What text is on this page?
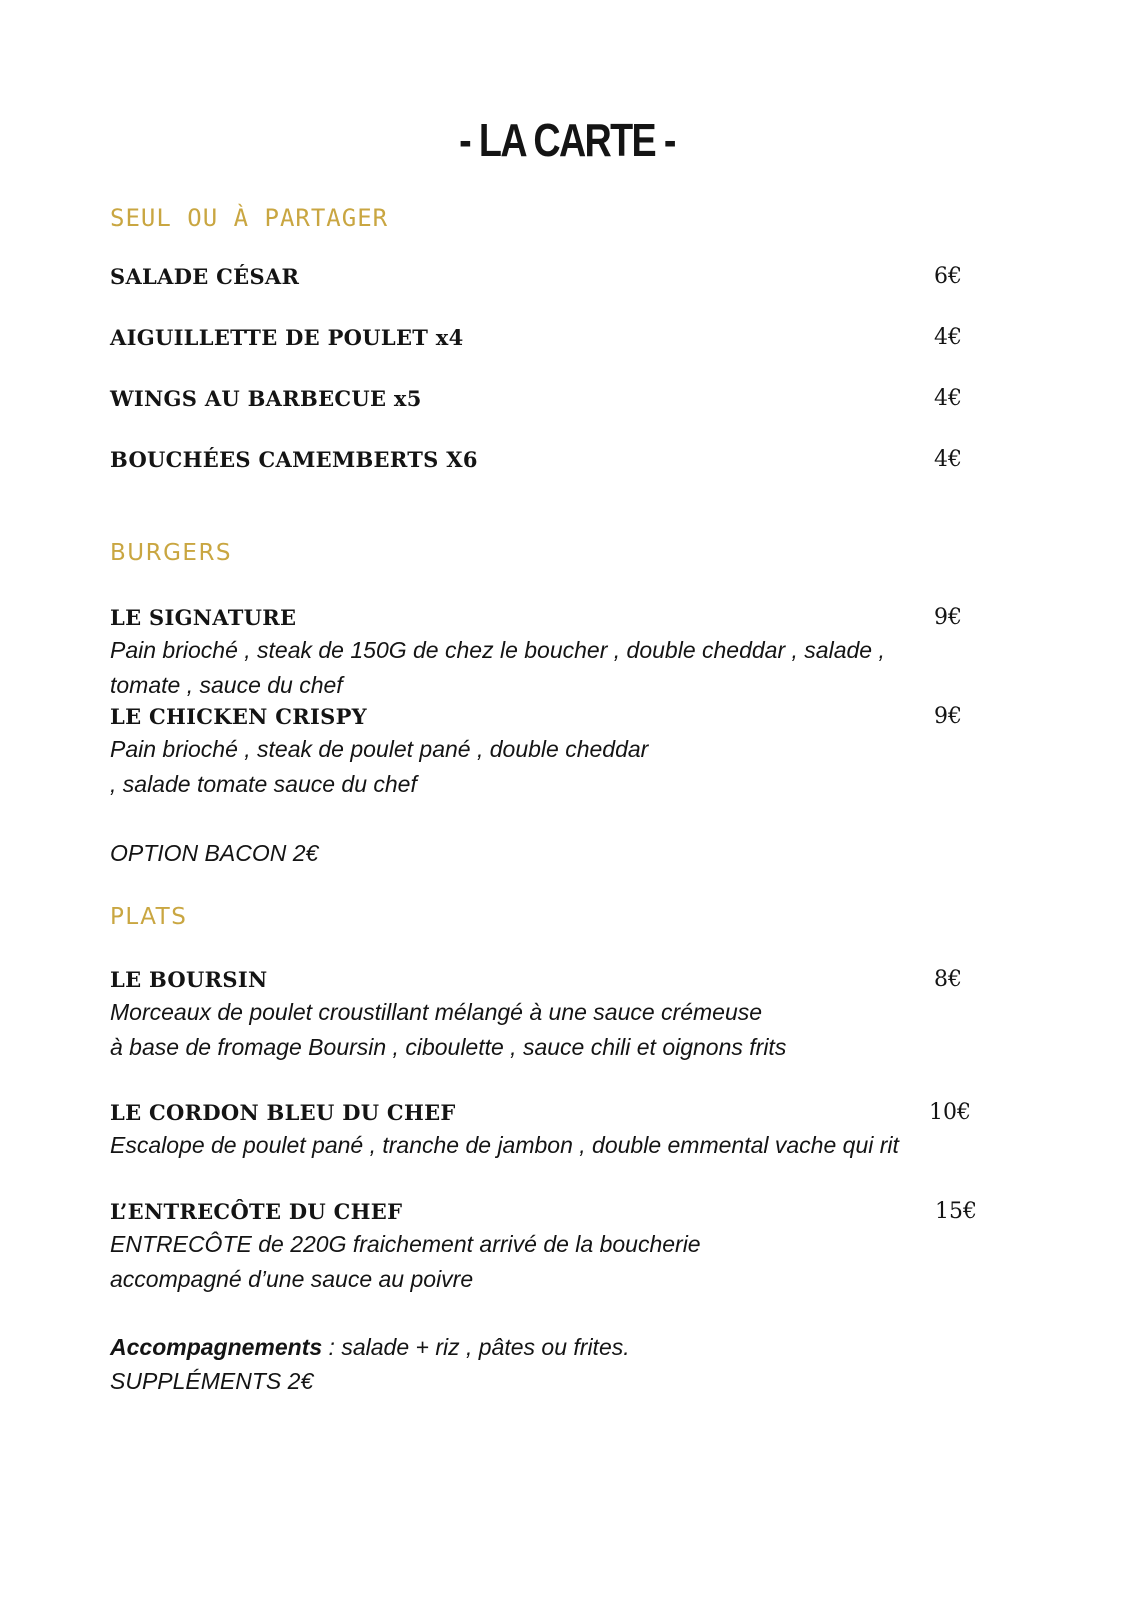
- LA CARTE -
SEUL OU À PARTAGER
SALADE CÉSAR	6€
AIGUILLETTE DE POULET x4	4€
WINGS AU BARBECUE x5	4€
BOUCHÉES CAMEMBERTS X6	4€
BURGERS
LE SIGNATURE	9€
Pain brioché , steak de 150G de chez le boucher , double cheddar , salade ,
tomate , sauce du chef
LE CHICKEN CRISPY	9€
Pain brioché , steak de poulet pané , double cheddar
, salade tomate sauce du chef
OPTION BACON 2€
PLATS
LE BOURSIN	8€
Morceaux de poulet croustillant mélangé à une sauce crémeuse
à base de fromage Boursin , ciboulette , sauce chili et oignons frits
LE CORDON BLEU DU CHEF	10€
Escalope de poulet pané , tranche de jambon , double emmental vache qui rit
L’ENTRECÔTE DU CHEF	15€
ENTRECÔTE de 220G fraichement arrivé de la boucherie
accompagné d’une sauce au poivre
Accompagnements : salade + riz , pâtes ou frites.
SUPPLÉMENTS 2€
